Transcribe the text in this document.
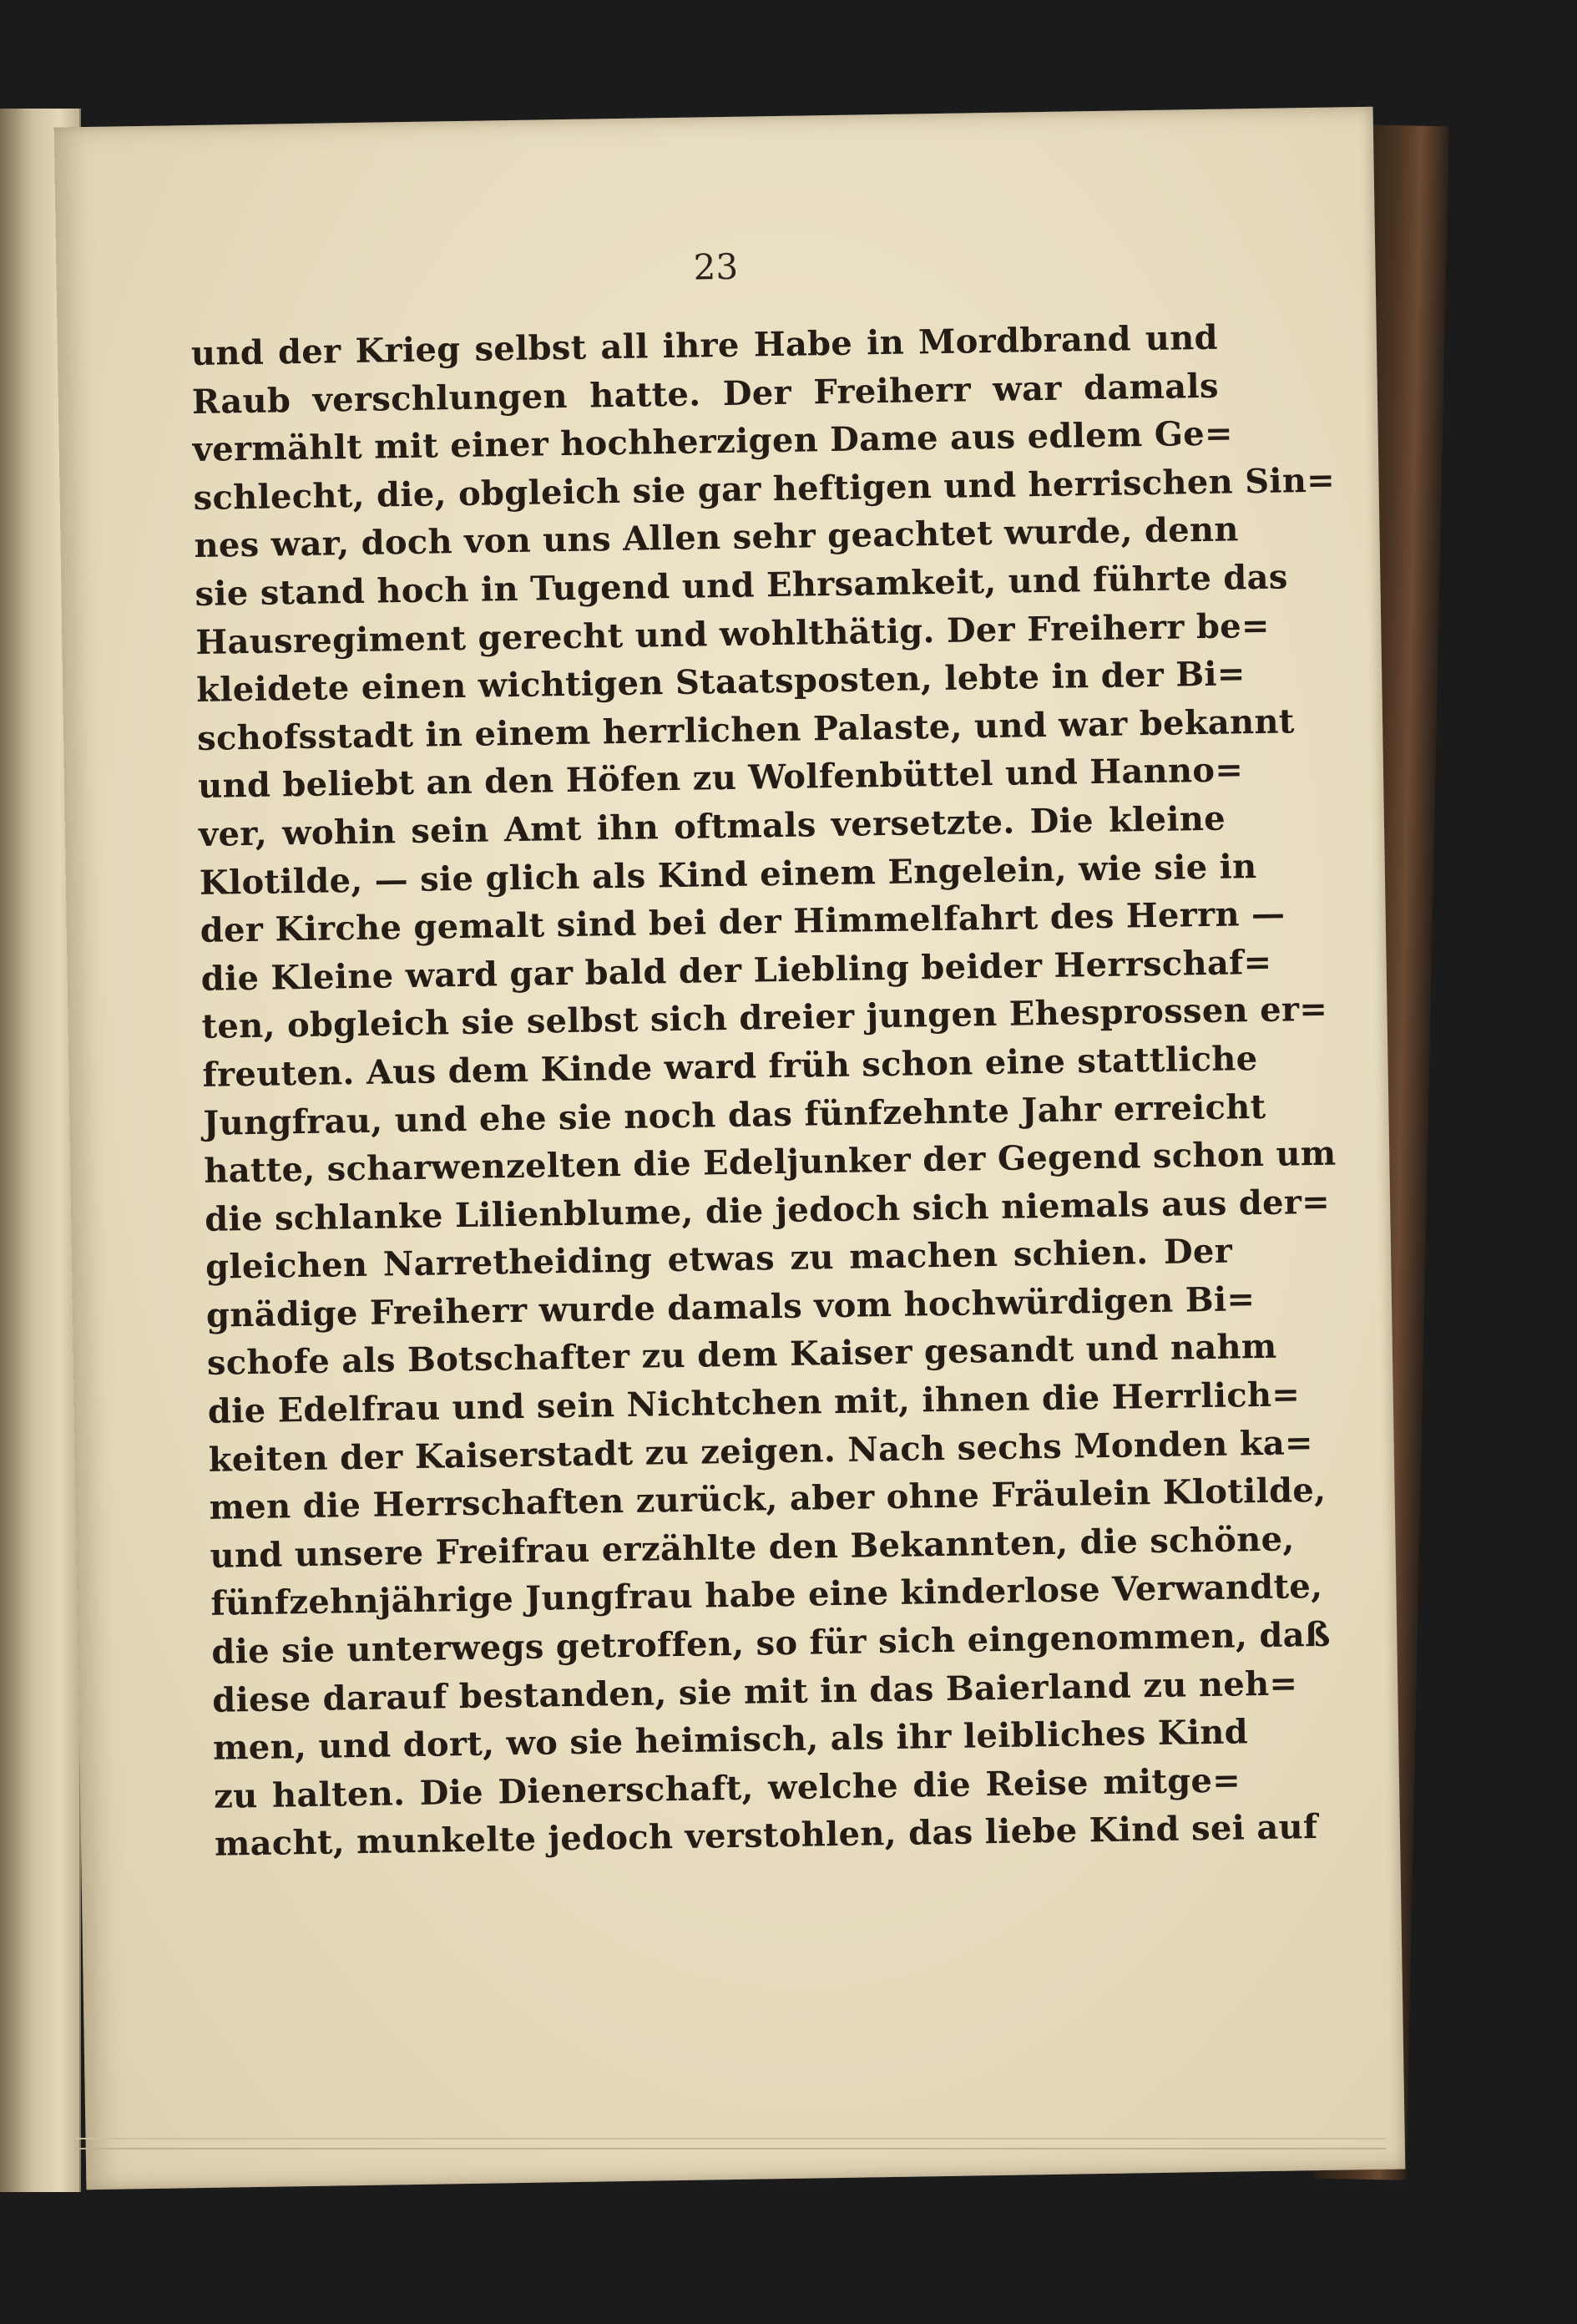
23
und der Krieg selbst all ihre Habe in Mordbrand und
Raub verschlungen hatte. Der Freiherr war damals
vermählt mit einer hochherzigen Dame aus edlem Ge=
schlecht, die, obgleich sie gar heftigen und herrischen Sin=
nes war, doch von uns Allen sehr geachtet wurde, denn
sie stand hoch in Tugend und Ehrsamkeit, und führte das
Hausregiment gerecht und wohlthätig. Der Freiherr be=
kleidete einen wichtigen Staatsposten, lebte in der Bi=
schofsstadt in einem herrlichen Palaste, und war bekannt
und beliebt an den Höfen zu Wolfenbüttel und Hanno=
ver, wohin sein Amt ihn oftmals versetzte. Die kleine
Klotilde, — sie glich als Kind einem Engelein, wie sie in
der Kirche gemalt sind bei der Himmelfahrt des Herrn —
die Kleine ward gar bald der Liebling beider Herrschaf=
ten, obgleich sie selbst sich dreier jungen Ehesprossen er=
freuten. Aus dem Kinde ward früh schon eine stattliche
Jungfrau, und ehe sie noch das fünfzehnte Jahr erreicht
hatte, scharwenzelten die Edeljunker der Gegend schon um
die schlanke Lilienblume, die jedoch sich niemals aus der=
gleichen Narretheiding etwas zu machen schien. Der
gnädige Freiherr wurde damals vom hochwürdigen Bi=
schofe als Botschafter zu dem Kaiser gesandt und nahm
die Edelfrau und sein Nichtchen mit, ihnen die Herrlich=
keiten der Kaiserstadt zu zeigen. Nach sechs Monden ka=
men die Herrschaften zurück, aber ohne Fräulein Klotilde,
und unsere Freifrau erzählte den Bekannten, die schöne,
fünfzehnjährige Jungfrau habe eine kinderlose Verwandte,
die sie unterwegs getroffen, so für sich eingenommen, daß
diese darauf bestanden, sie mit in das Baierland zu neh=
men, und dort, wo sie heimisch, als ihr leibliches Kind
zu halten. Die Dienerschaft, welche die Reise mitge=
macht, munkelte jedoch verstohlen, das liebe Kind sei auf
